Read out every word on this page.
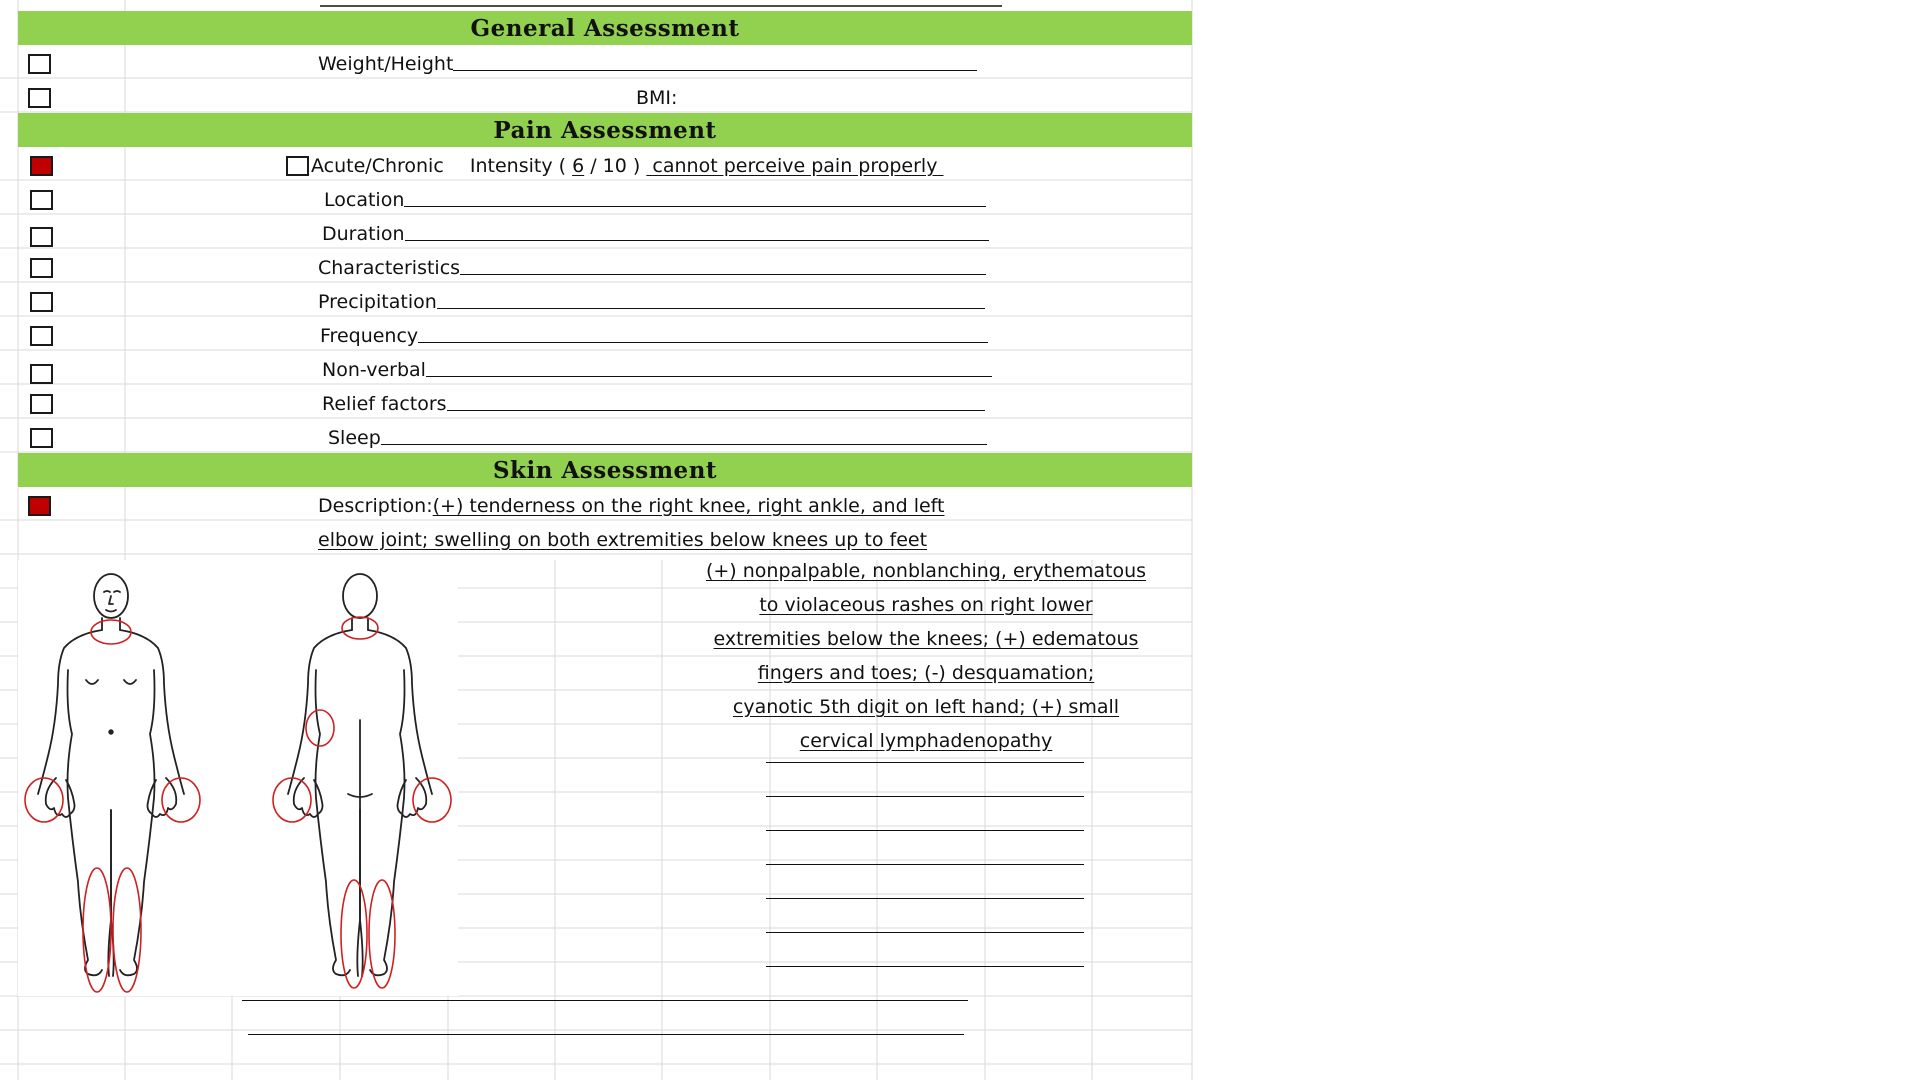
General Assessment
Weight/Height
BMI:
Pain Assessment
Acute/Chronic Intensity ( 6 / 10 ) cannot perceive pain properly
Location
Duration
Characteristics
Precipitation
Frequency
Non-verbal
Relief factors
Sleep
Skin Assessment
Description:(+) tenderness on the right knee, right ankle, and left
elbow joint; swelling on both extremities below knees up to feet
(+) nonpalpable, nonblanching, erythematous
to violaceous rashes on right lower
extremities below the knees; (+) edematous
fingers and toes; (-) desquamation;
cyanotic 5th digit on left hand; (+) small
cervical lymphadenopathy
